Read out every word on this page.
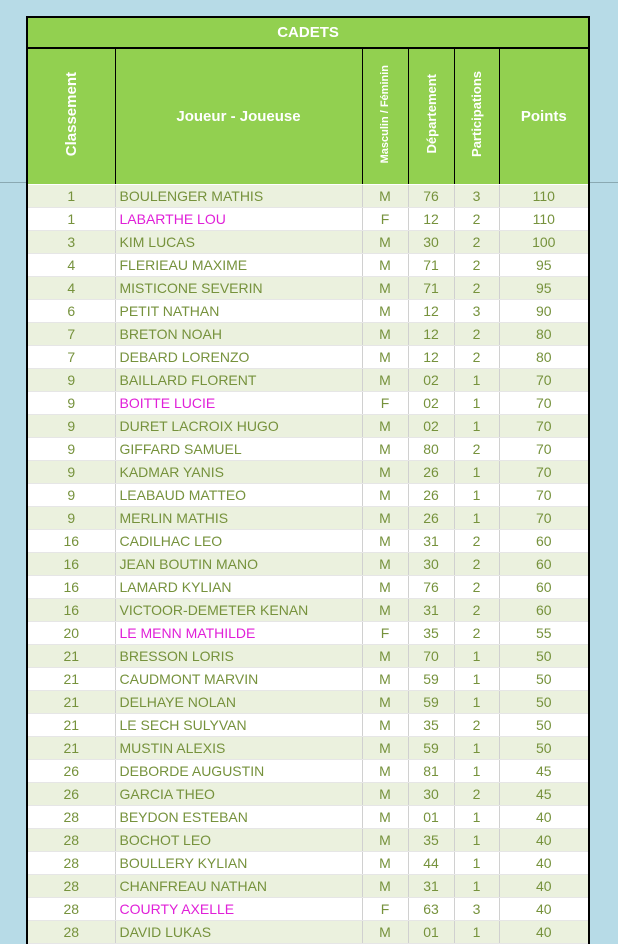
CADETS					
Classement	Joueur - Joueuse	Masculin / Féminin	Département	Participations	Points
1	BOULENGER MATHIS	M	76	3	110
1	LABARTHE LOU	F	12	2	110
3	KIM LUCAS	M	30	2	100
4	FLERIEAU MAXIME	M	71	2	95
4	MISTICONE SEVERIN	M	71	2	95
6	PETIT NATHAN	M	12	3	90
7	BRETON NOAH	M	12	2	80
7	DEBARD LORENZO	M	12	2	80
9	BAILLARD FLORENT	M	02	1	70
9	BOITTE LUCIE	F	02	1	70
9	DURET LACROIX HUGO	M	02	1	70
9	GIFFARD SAMUEL	M	80	2	70
9	KADMAR YANIS	M	26	1	70
9	LEABAUD MATTEO	M	26	1	70
9	MERLIN MATHIS	M	26	1	70
16	CADILHAC LEO	M	31	2	60
16	JEAN BOUTIN MANO	M	30	2	60
16	LAMARD KYLIAN	M	76	2	60
16	VICTOOR-DEMETER KENAN	M	31	2	60
20	LE MENN MATHILDE	F	35	2	55
21	BRESSON LORIS	M	70	1	50
21	CAUDMONT MARVIN	M	59	1	50
21	DELHAYE NOLAN	M	59	1	50
21	LE SECH SULYVAN	M	35	2	50
21	MUSTIN ALEXIS	M	59	1	50
26	DEBORDE AUGUSTIN	M	81	1	45
26	GARCIA THEO	M	30	2	45
28	BEYDON ESTEBAN	M	01	1	40
28	BOCHOT LEO	M	35	1	40
28	BOULLERY KYLIAN	M	44	1	40
28	CHANFREAU NATHAN	M	31	1	40
28	COURTY AXELLE	F	63	3	40
28	DAVID LUKAS	M	01	1	40
